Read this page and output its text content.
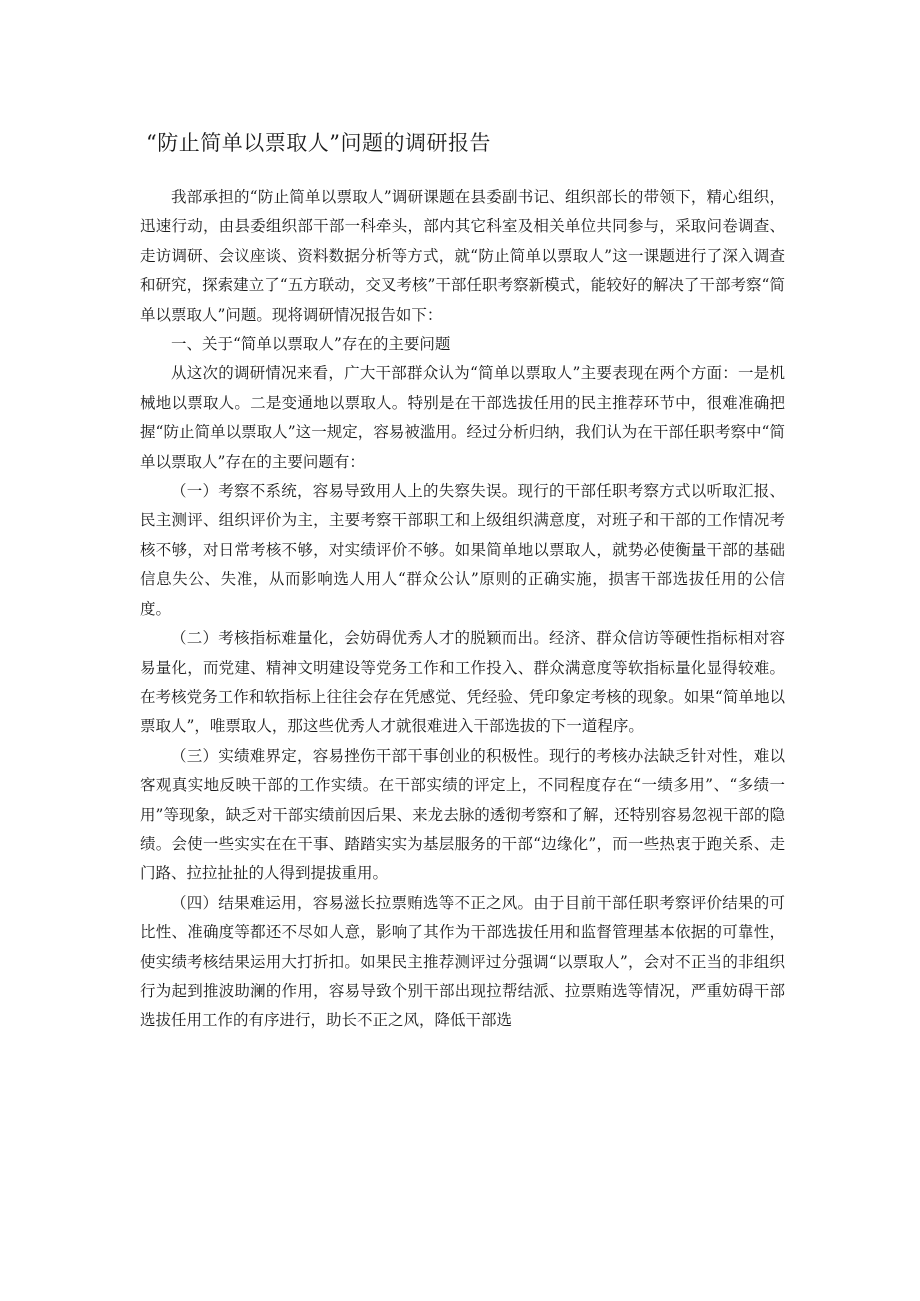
“防止简单以票取人”问题的调研报告

我部承担的“防止简单以票取人”调研课题在县委副书记、组织部长的带领下，精心组织，迅速行动，由县委组织部干部一科牵头，部内其它科室及相关单位共同参与，采取问卷调查、走访调研、会议座谈、资料数据分析等方式，就“防止简单以票取人”这一课题进行了深入调查和研究，探索建立了“五方联动，交叉考核”干部任职考察新模式，能较好的解决了干部考察“简单以票取人”问题。现将调研情况报告如下：

一、关于“简单以票取人”存在的主要问题

从这次的调研情况来看，广大干部群众认为“简单以票取人”主要表现在两个方面：一是机械地以票取人。二是变通地以票取人。特别是在干部选拔任用的民主推荐环节中，很难准确把握“防止简单以票取人”这一规定，容易被滥用。经过分析归纳，我们认为在干部任职考察中“简单以票取人”存在的主要问题有：

（一）考察不系统，容易导致用人上的失察失误。现行的干部任职考察方式以听取汇报、民主测评、组织评价为主，主要考察干部职工和上级组织满意度，对班子和干部的工作情况考核不够，对日常考核不够，对实绩评价不够。如果简单地以票取人，就势必使衡量干部的基础信息失公、失准，从而影响选人用人“群众公认”原则的正确实施，损害干部选拔任用的公信度。

（二）考核指标难量化，会妨碍优秀人才的脱颖而出。经济、群众信访等硬性指标相对容易量化，而党建、精神文明建设等党务工作和工作投入、群众满意度等软指标量化显得较难。在考核党务工作和软指标上往往会存在凭感觉、凭经验、凭印象定考核的现象。如果“简单地以票取人”，唯票取人，那这些优秀人才就很难进入干部选拔的下一道程序。

（三）实绩难界定，容易挫伤干部干事创业的积极性。现行的考核办法缺乏针对性，难以客观真实地反映干部的工作实绩。在干部实绩的评定上，不同程度存在“一绩多用”、“多绩一用”等现象，缺乏对干部实绩前因后果、来龙去脉的透彻考察和了解，还特别容易忽视干部的隐绩。会使一些实实在在干事、踏踏实实为基层服务的干部“边缘化”，而一些热衷于跑关系、走门路、拉拉扯扯的人得到提拔重用。

（四）结果难运用，容易滋长拉票贿选等不正之风。由于目前干部任职考察评价结果的可比性、准确度等都还不尽如人意，影响了其作为干部选拔任用和监督管理基本依据的可靠性，使实绩考核结果运用大打折扣。如果民主推荐测评过分强调“以票取人”，会对不正当的非组织行为起到推波助澜的作用，容易导致个别干部出现拉帮结派、拉票贿选等情况，严重妨碍干部选拔任用工作的有序进行，助长不正之风，降低干部选
